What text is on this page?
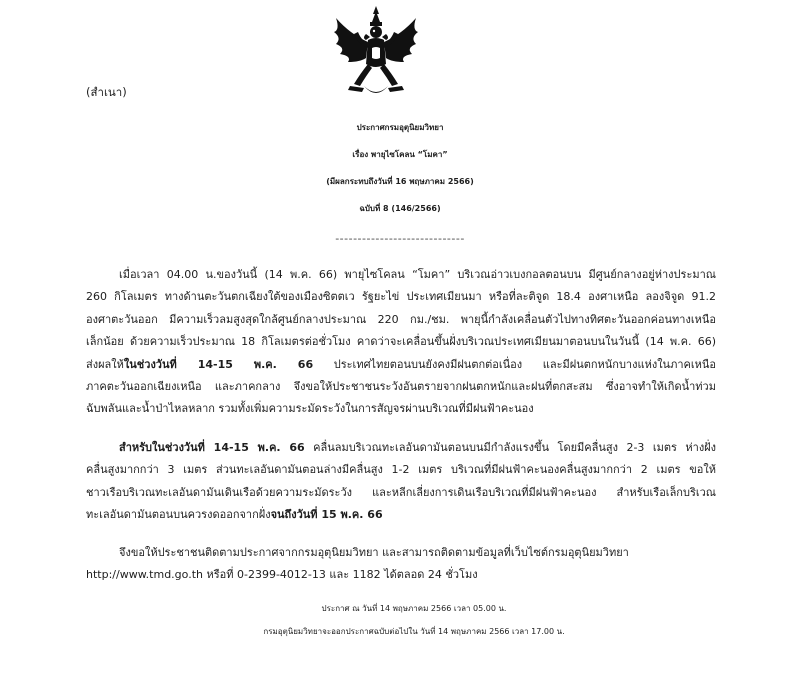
(สำเนา)
ประกาศกรมอุตุนิยมวิทยา
เรื่อง พายุไซโคลน “โมคา”
(มีผลกระทบถึงวันที่ 16 พฤษภาคม 2566)
ฉบับที่ 8 (146/2566)
-----------------------------
เมื่อเวลา 04.00 น.ของวันนี้ (14 พ.ค. 66) พายุไซโคลน “โมคา” บริเวณอ่าวเบงกอลตอนบน มีศูนย์กลางอยู่ห่างประมาณ
260 กิโลเมตร ทางด้านตะวันตกเฉียงใต้ของเมืองซิตตเว รัฐยะไข่ ประเทศเมียนมา หรือที่ละติจูด 18.4 องศาเหนือ ลองจิจูด 91.2
องศาตะวันออก มีความเร็วลมสูงสุดใกล้ศูนย์กลางประมาณ 220 กม./ชม. พายุนี้กำลังเคลื่อนตัวไปทางทิศตะวันออกค่อนทางเหนือ
เล็กน้อย ด้วยความเร็วประมาณ 18 กิโลเมตรต่อชั่วโมง คาดว่าจะเคลื่อนขึ้นฝั่งบริเวณประเทศเมียนมาตอนบนในวันนี้ (14 พ.ค. 66)
ส่งผลให้ในช่วงวันที่ 14-15 พ.ค. 66 ประเทศไทยตอนบนยังคงมีฝนตกต่อเนื่อง และมีฝนตกหนักบางแห่งในภาคเหนือ
ภาคตะวันออกเฉียงเหนือ และภาคกลาง จึงขอให้ประชาชนระวังอันตรายจากฝนตกหนักและฝนที่ตกสะสม ซึ่งอาจทำให้เกิดน้ำท่วม
ฉับพลันและน้ำป่าไหลหลาก รวมทั้งเพิ่มความระมัดระวังในการสัญจรผ่านบริเวณที่มีฝนฟ้าคะนอง
สำหรับในช่วงวันที่ 14-15 พ.ค. 66 คลื่นลมบริเวณทะเลอันดามันตอนบนมีกำลังแรงขึ้น โดยมีคลื่นสูง 2-3 เมตร ห่างฝั่ง
คลื่นสูงมากกว่า 3 เมตร ส่วนทะเลอันดามันตอนล่างมีคลื่นสูง 1-2 เมตร บริเวณที่มีฝนฟ้าคะนองคลื่นสูงมากกว่า 2 เมตร ขอให้
ชาวเรือบริเวณทะเลอันดามันเดินเรือด้วยความระมัดระวัง และหลีกเลี่ยงการเดินเรือบริเวณที่มีฝนฟ้าคะนอง สำหรับเรือเล็กบริเวณ
ทะเลอันดามันตอนบนควรงดออกจากฝั่งจนถึงวันที่ 15 พ.ค. 66
จึงขอให้ประชาชนติดตามประกาศจากกรมอุตุนิยมวิทยา และสามารถติดตามข้อมูลที่เว็บไซต์กรมอุตุนิยมวิทยา
http://www.tmd.go.th หรือที่ 0-2399-4012-13 และ 1182 ได้ตลอด 24 ชั่วโมง
ประกาศ ณ วันที่ 14 พฤษภาคม 2566 เวลา 05.00 น.
กรมอุตุนิยมวิทยาจะออกประกาศฉบับต่อไปใน วันที่ 14 พฤษภาคม 2566 เวลา 17.00 น.
